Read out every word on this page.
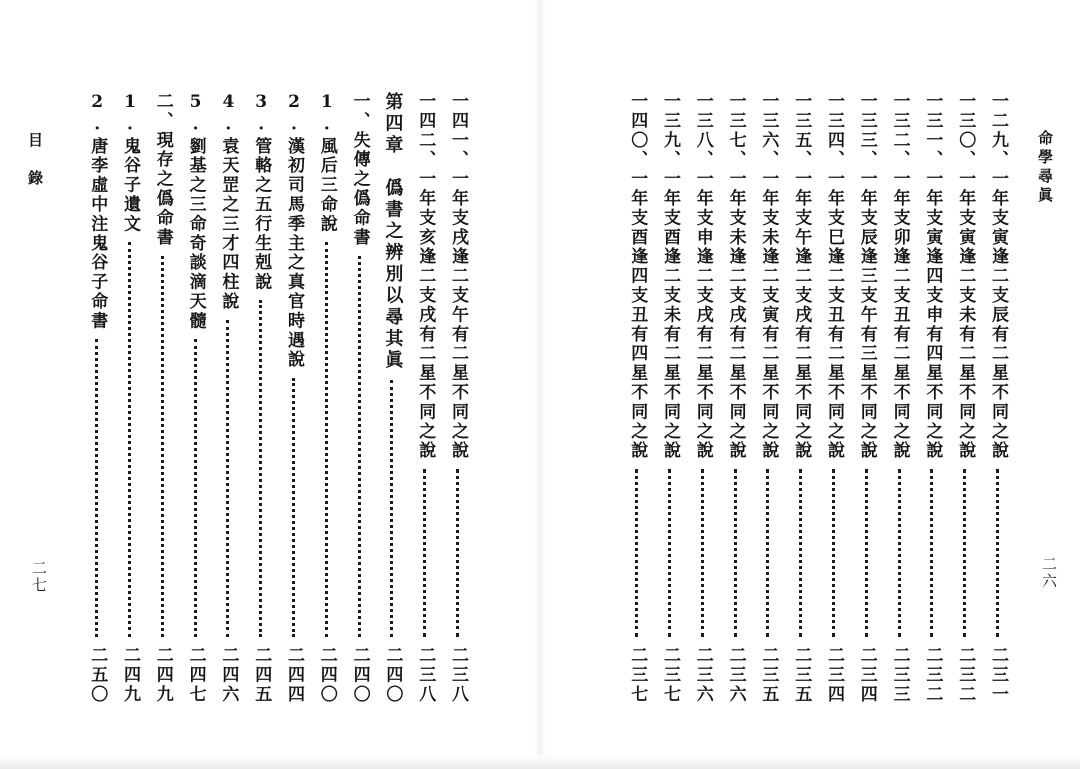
目　錄
二七
一四一、一年支戌逢二支午有二星不同之說
二三八
一四二、一年支亥逢二支戌有二星不同之說
二三八
第四章　僞書之辨別以尋其眞
二四〇
一、失傳之僞命書
二四〇
1.風后三命說
二四〇
2.漢初司馬季主之真官時遇說
二四四
3.管輅之五行生剋說
二四五
4.袁天罡之三才四柱說
二四六
5.劉基之三命奇談滴天髓
二四七
二、現存之僞命書
二四九
1.鬼谷子遺文
二四九
2.唐李虛中注鬼谷子命書
二五〇
命學尋眞
二六
一二九、一年支寅逢二支辰有二星不同之說
二三一
一三〇、一年支寅逢二支未有二星不同之說
二三二
一三一、一年支寅逢四支申有四星不同之說
二三二
一三二、一年支卯逢二支丑有二星不同之說
二三三
一三三、一年支辰逢三支午有三星不同之說
二三四
一三四、一年支巳逢二支丑有二星不同之說
二三四
一三五、一年支午逢二支戌有二星不同之說
二三五
一三六、一年支未逢二支寅有二星不同之說
二三五
一三七、一年支未逢二支戌有二星不同之說
二三六
一三八、一年支申逢二支戌有二星不同之說
二三六
一三九、一年支酉逢二支未有二星不同之說
二三七
一四〇、一年支酉逢四支丑有四星不同之說
二三七
